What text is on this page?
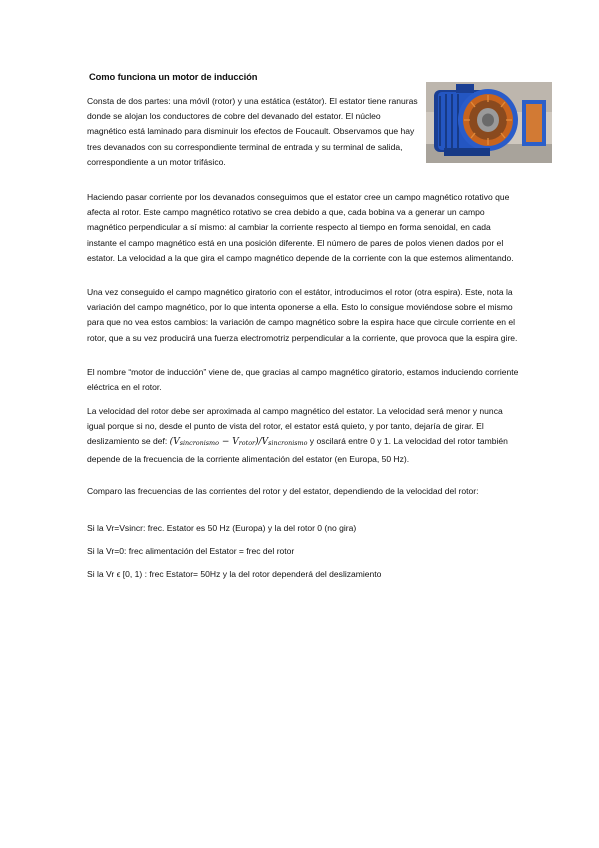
Como funciona un motor de inducción

Consta de dos partes: una móvil (rotor) y una estática (estátor). El estator tiene ranuras donde se alojan los conductores de cobre del devanado del estator. El núcleo magnético está laminado para disminuir los efectos de Foucault. Observamos que hay tres devanados con su correspondiente terminal de entrada y su terminal de salida, correspondiente a un motor trifásico.

Haciendo pasar corriente por los devanados conseguimos que el estator cree un campo magnético rotativo que afecta al rotor. Este campo magnético rotativo se crea debido a que, cada bobina va a generar un campo magnético perpendicular a sí mismo: al cambiar la corriente respecto al tiempo en forma senoidal, en cada instante el campo magnético está en una posición diferente. El número de pares de polos vienen dados por el estator. La velocidad a la que gira el campo magnético depende de la corriente con la que estemos alimentando.

Una vez conseguido el campo magnético giratorio con el estátor, introducimos el rotor (otra espira). Este, nota la variación del campo magnético, por lo que intenta oponerse a ella. Esto lo consigue moviéndose sobre el mismo para que no vea estos cambios: la variación de campo magnético sobre la espira hace que circule corriente en el rotor, que a su vez producirá una fuerza electromotriz perpendicular a la corriente, que provoca que la espira gire.

El nombre “motor de inducción” viene de, que gracias al campo magnético giratorio, estamos induciendo corriente eléctrica en el rotor.

La velocidad del rotor debe ser aproximada al campo magnético del estator. La velocidad será menor y nunca igual porque si no, desde el punto de vista del rotor, el estator está quieto, y por tanto, dejaría de girar. El deslizamiento se def: $(V_{sincronismo} - V_{rotor})/V_{sincronismo}$ y oscilará entre 0 y 1. La velocidad del rotor también depende de la frecuencia de la corriente alimentación del estator (en Europa, 50 Hz).

Comparo las frecuencias de las corrientes del rotor y del estator, dependiendo de la velocidad del rotor:

Si la Vr=Vsincr: frec. Estator es 50 Hz (Europa) y la del rotor 0 (no gira)
Si la Vr=0: frec alimentación del Estator = frec del rotor
Si la Vr ϵ [0, 1) : frec Estator= 50Hz y la del rotor dependerá del deslizamiento
